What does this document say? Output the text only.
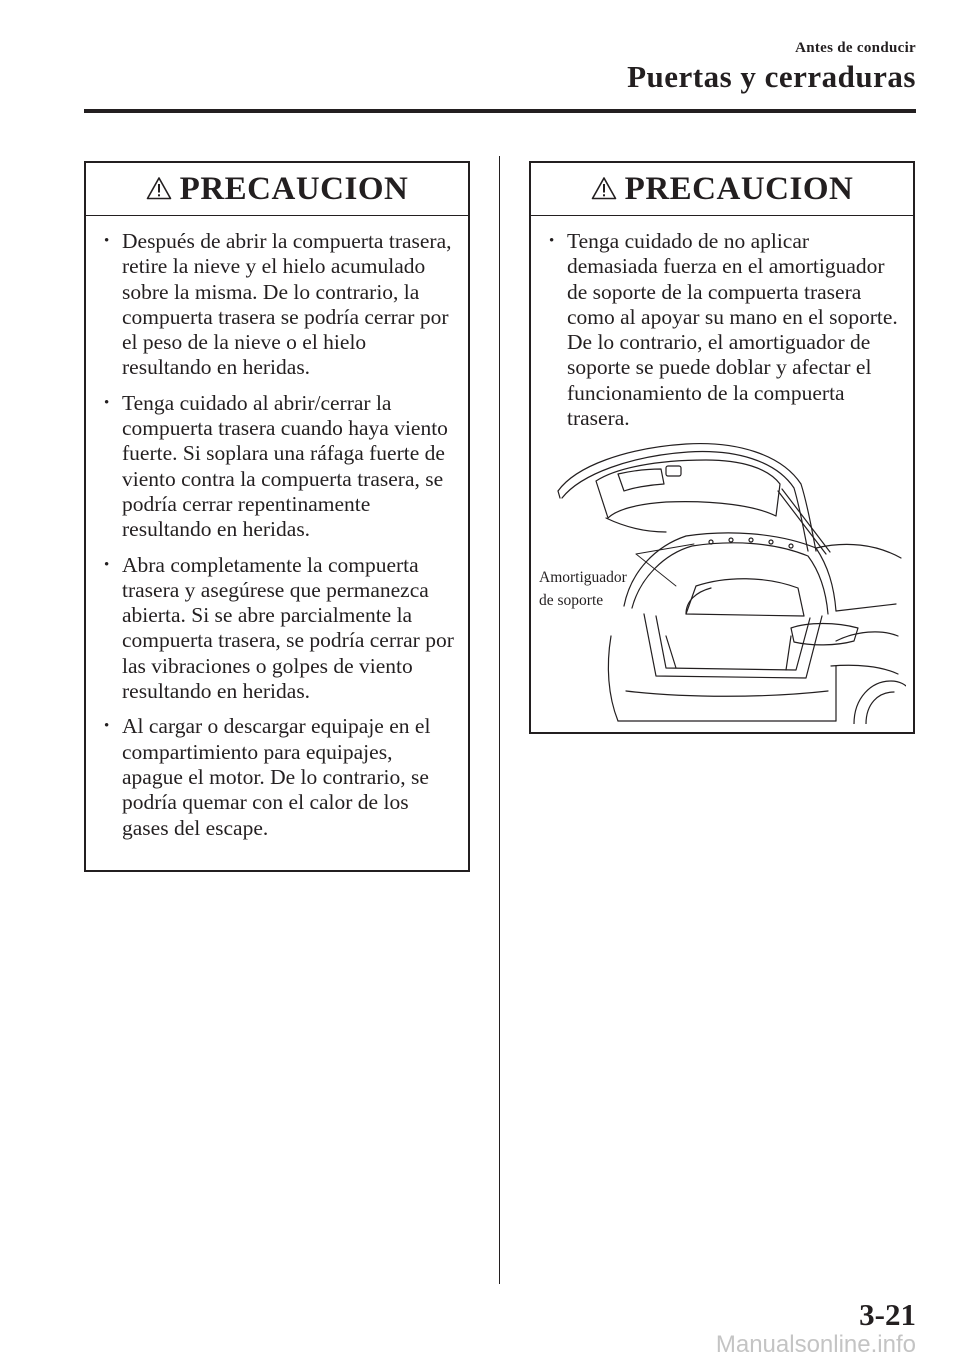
Antes de conducir
Puertas y cerraduras
PRECAUCION
• Después de abrir la compuerta trasera, retire la nieve y el hielo acumulado sobre la misma. De lo contrario, la compuerta trasera se podría cerrar por el peso de la nieve o el hielo resultando en heridas.
• Tenga cuidado al abrir/cerrar la compuerta trasera cuando haya viento fuerte. Si soplara una ráfaga fuerte de viento contra la compuerta trasera, se podría cerrar repentinamente resultando en heridas.
• Abra completamente la compuerta trasera y asegúrese que permanezca abierta. Si se abre parcialmente la compuerta trasera, se podría cerrar por las vibraciones o golpes de viento resultando en heridas.
• Al cargar o descargar equipaje en el compartimiento para equipajes, apague el motor. De lo contrario, se podría quemar con el calor de los gases del escape.
PRECAUCION
• Tenga cuidado de no aplicar demasiada fuerza en el amortiguador de soporte de la compuerta trasera como al apoyar su mano en el soporte. De lo contrario, el amortiguador de soporte se puede doblar y afectar el funcionamiento de la compuerta trasera.
Amortiguador
de soporte
3-21
Manualsonline.info
